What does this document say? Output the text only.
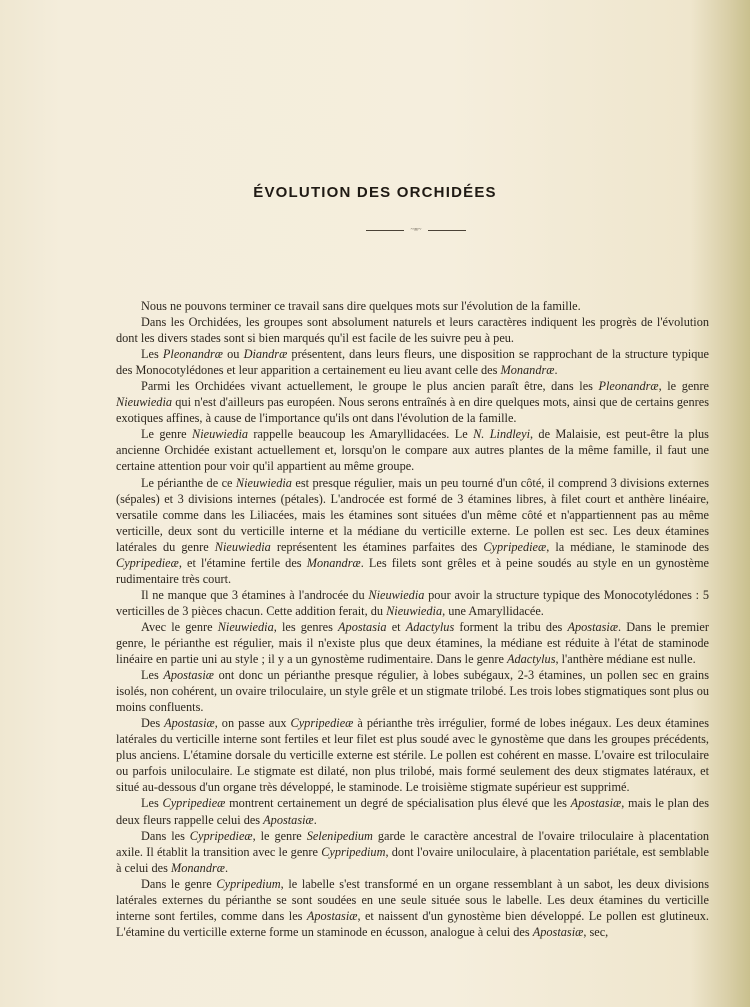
ÉVOLUTION DES ORCHIDÉES
~∞~

Nous ne pouvons terminer ce travail sans dire quelques mots sur l'évolution de la famille.

Dans les Orchidées, les groupes sont absolument naturels et leurs caractères indiquent les progrès de l'évolution dont les divers stades sont si bien marqués qu'il est facile de les suivre peu à peu.

Les Pleonandræ ou Diandræ présentent, dans leurs fleurs, une disposition se rapprochant de la structure typique des Monocotylédones et leur apparition a certainement eu lieu avant celle des Monandræ.

Parmi les Orchidées vivant actuellement, le groupe le plus ancien paraît être, dans les Pleonandræ, le genre Nieuwiedia qui n'est d'ailleurs pas européen. Nous serons entraînés à en dire quelques mots, ainsi que de certains genres exotiques affines, à cause de l'importance qu'ils ont dans l'évolution de la famille.

Le genre Nieuwiedia rappelle beaucoup les Amaryllidacées. Le N. Lindleyi, de Malaisie, est peut-être la plus ancienne Orchidée existant actuellement et, lorsqu'on le compare aux autres plantes de la même famille, il faut une certaine attention pour voir qu'il appartient au même groupe.

Le périanthe de ce Nieuwiedia est presque régulier, mais un peu tourné d'un côté, il comprend 3 divisions externes (sépales) et 3 divisions internes (pétales). L'androcée est formé de 3 étamines libres, à filet court et anthère linéaire, versatile comme dans les Liliacées, mais les étamines sont situées d'un même côté et n'appartiennent pas au même verticille, deux sont du verticille interne et la médiane du verticille externe. Le pollen est sec. Les deux étamines latérales du genre Nieuwiedia représentent les étamines parfaites des Cypripedieæ, la médiane, le staminode des Cypripedieæ, et l'étamine fertile des Monandræ. Les filets sont grêles et à peine soudés au style en un gynostème rudimentaire très court.

Il ne manque que 3 étamines à l'androcée du Nieuwiedia pour avoir la structure typique des Monocotylédones : 5 verticilles de 3 pièces chacun. Cette addition ferait, du Nieuwiedia, une Amaryllidacée.

Avec le genre Nieuwiedia, les genres Apostasia et Adactylus forment la tribu des Apostasiæ. Dans le premier genre, le périanthe est régulier, mais il n'existe plus que deux étamines, la médiane est réduite à l'état de staminode linéaire en partie uni au style ; il y a un gynostème rudimentaire. Dans le genre Adactylus, l'anthère médiane est nulle.

Les Apostasiæ ont donc un périanthe presque régulier, à lobes subégaux, 2-3 étamines, un pollen sec en grains isolés, non cohérent, un ovaire triloculaire, un style grêle et un stigmate trilobé. Les trois lobes stigmatiques sont plus ou moins confluents.

Des Apostasiæ, on passe aux Cypripedieæ à périanthe très irrégulier, formé de lobes inégaux. Les deux étamines latérales du verticille interne sont fertiles et leur filet est plus soudé avec le gynostème que dans les groupes précédents, plus anciens. L'étamine dorsale du verticille externe est stérile. Le pollen est cohérent en masse. L'ovaire est triloculaire ou parfois uniloculaire. Le stigmate est dilaté, non plus trilobé, mais formé seulement des deux stigmates latéraux, et situé au-dessous d'un organe très développé, le staminode. Le troisième stigmate supérieur est supprimé.

Les Cypripedieæ montrent certainement un degré de spécialisation plus élevé que les Apostasiæ, mais le plan des deux fleurs rappelle celui des Apostasiæ.

Dans les Cypripedieæ, le genre Selenipedium garde le caractère ancestral de l'ovaire triloculaire à placentation axile. Il établit la transition avec le genre Cypripedium, dont l'ovaire uniloculaire, à placentation pariétale, est semblable à celui des Monandræ.

Dans le genre Cypripedium, le labelle s'est transformé en un organe ressemblant à un sabot, les deux divisions latérales externes du périanthe se sont soudées en une seule située sous le labelle. Les deux étamines du verticille interne sont fertiles, comme dans les Apostasiæ, et naissent d'un gynostème bien développé. Le pollen est glutineux. L'étamine du verticille externe forme un staminode en écusson, analogue à celui des Apostasiæ, sec,
